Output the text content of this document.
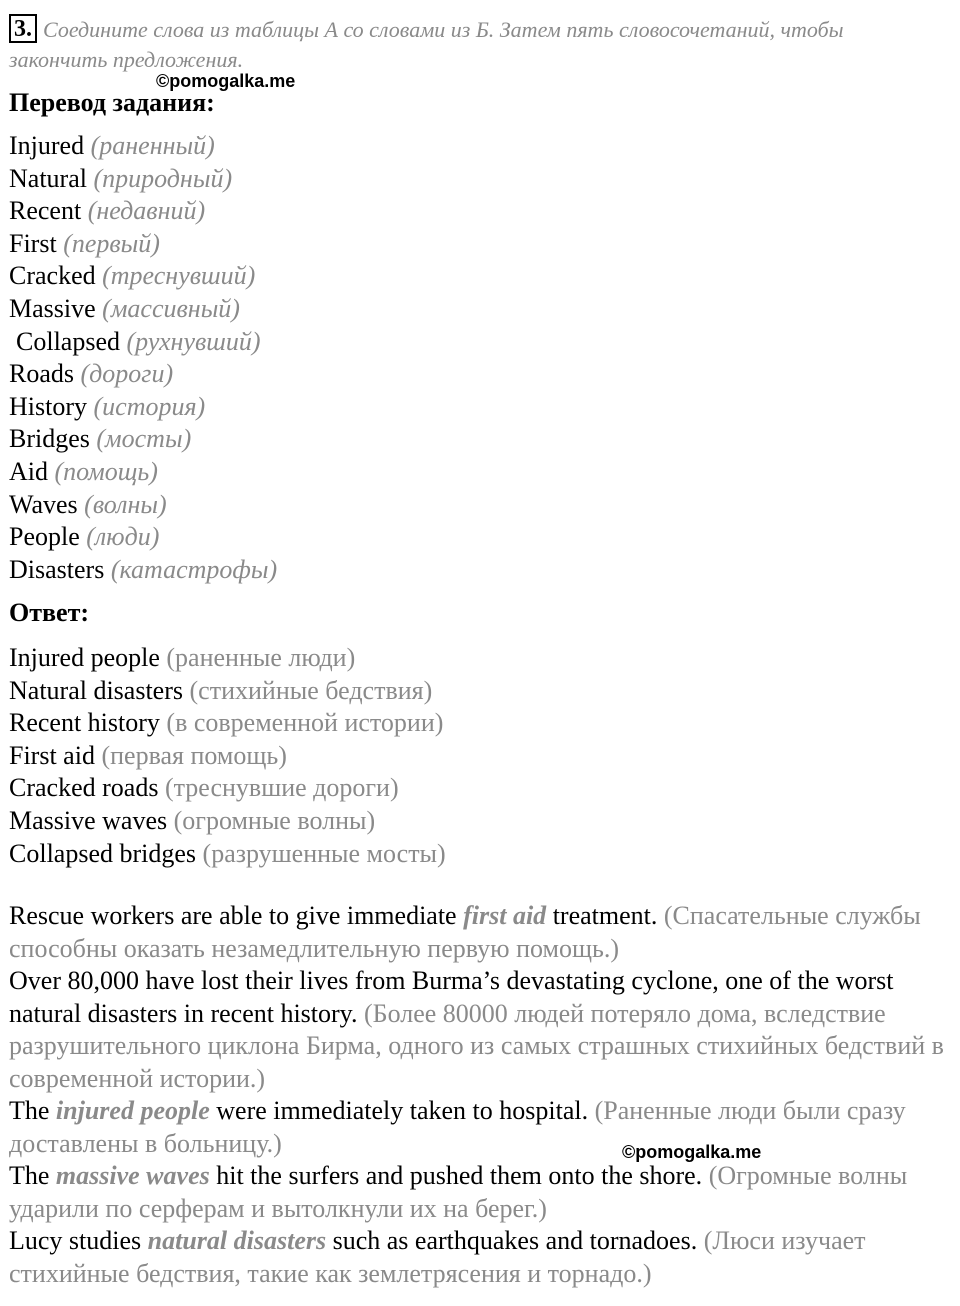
3. Соедините слова из таблицы А со словами из Б. Затем пять словосочетаний, чтобы закончить предложения.
©pomogalka.me
Перевод задания:
Injured (раненный)
Natural (природный)
Recent (недавний)
First (первый)
Cracked (треснувший)
Massive (массивный)
Collapsed (рухнувший)
Roads (дороги)
History (история)
Bridges (мосты)
Aid (помощь)
Waves (волны)
People (люди)
Disasters (катастрофы)
Ответ:
Injured people (раненные люди)
Natural disasters (стихийные бедствия)
Recent history (в современной истории)
First aid (первая помощь)
Cracked roads (треснувшие дороги)
Massive waves (огромные волны)
Collapsed bridges (разрушенные мосты)

Rescue workers are able to give immediate first aid treatment. (Спасательные службы способны оказать незамедлительную первую помощь.)

Over 80,000 have lost their lives from Burma’s devastating cyclone, one of the worst natural disasters in recent history. (Более 80000 людей потеряло дома, вследствие разрушительного циклона Бирма, одного из самых страшных стихийных бедствий в современной истории.)

The injured people were immediately taken to hospital. (Раненные люди были сразу доставлены в больницу.)

The massive waves hit the surfers and pushed them onto the shore. (Огромные волны ударили по серферам и вытолкнули их на берег.)

Lucy studies natural disasters such as earthquakes and tornadoes. (Люси изучает стихийные бедствия, такие как землетрясения и торнадо.)

©pomogalka.me
